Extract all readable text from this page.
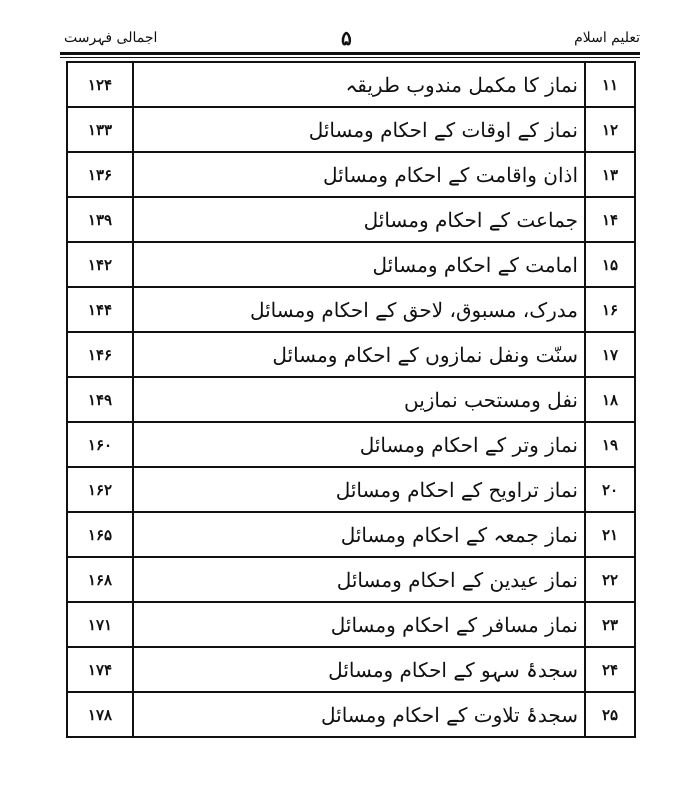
اجمالی فہرست	۵	تعلیم اسلام
۱۲۴	نماز کا مکمل مندوب طریقہ	۱۱
۱۳۳	نماز کے اوقات کے احکام ومسائل	۱۲
۱۳۶	اذان واقامت کے احکام ومسائل	۱۳
۱۳۹	جماعت کے احکام ومسائل	۱۴
۱۴۲	امامت کے احکام ومسائل	۱۵
۱۴۴	مدرک، مسبوق، لاحق کے احکام ومسائل	۱۶
۱۴۶	سنّت ونفل نمازوں کے احکام ومسائل	۱۷
۱۴۹	نفل ومستحب نمازیں	۱۸
۱۶۰	نماز وتر کے احکام ومسائل	۱۹
۱۶۲	نماز تراویح کے احکام ومسائل	۲۰
۱۶۵	نماز جمعہ کے احکام ومسائل	۲۱
۱۶۸	نماز عیدین کے احکام ومسائل	۲۲
۱۷۱	نماز مسافر کے احکام ومسائل	۲۳
۱۷۴	سجدۂ سہو کے احکام ومسائل	۲۴
۱۷۸	سجدۂ تلاوت کے احکام ومسائل	۲۵
